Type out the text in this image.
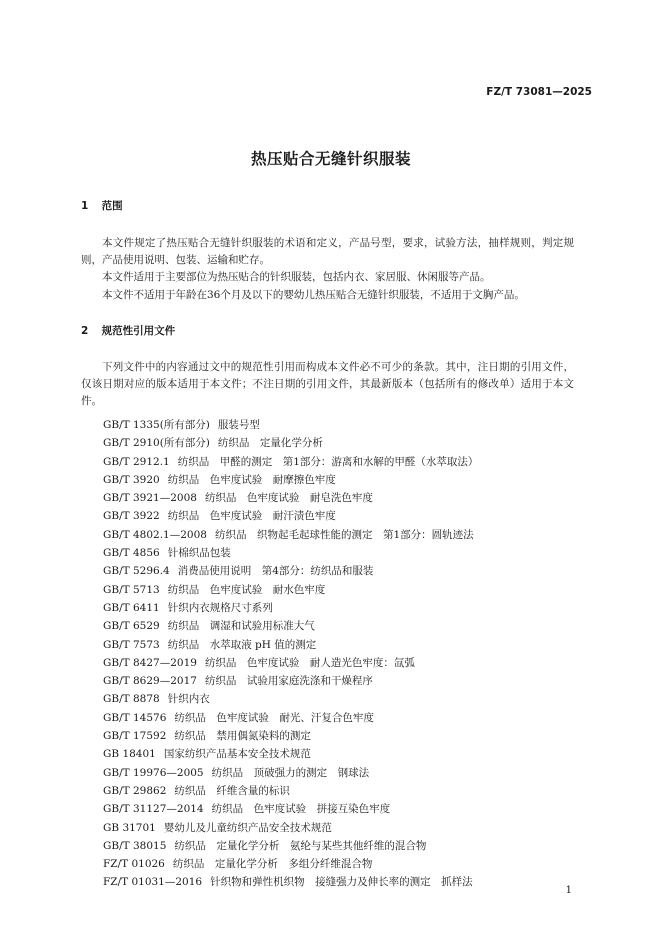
FZ/T 73081—2025
热压贴合无缝针织服装
1 范围

本文件规定了热压贴合无缝针织服装的术语和定义，产品号型，要求，试验方法，抽样规则，判定规则，产品使用说明、包装、运输和贮存。

本文件适用于主要部位为热压贴合的针织服装，包括内衣、家居服、休闲服等产品。

本文件不适用于年龄在36个月及以下的婴幼儿热压贴合无缝针织服装，不适用于文胸产品。

2 规范性引用文件

下列文件中的内容通过文中的规范性引用而构成本文件必不可少的条款。其中，注日期的引用文件，仅该日期对应的版本适用于本文件；不注日期的引用文件，其最新版本（包括所有的修改单）适用于本文件。

GB/T 1335(所有部分) 服装号型
GB/T 2910(所有部分) 纺织品　定量化学分析
GB/T 2912.1 纺织品　甲醛的测定　第1部分：游离和水解的甲醛（水萃取法）
GB/T 3920 纺织品　色牢度试验　耐摩擦色牢度
GB/T 3921—2008 纺织品　色牢度试验　耐皂洗色牢度
GB/T 3922 纺织品　色牢度试验　耐汗渍色牢度
GB/T 4802.1—2008 纺织品　织物起毛起球性能的测定　第1部分：圆轨迹法
GB/T 4856 针棉织品包装
GB/T 5296.4 消费品使用说明　第4部分：纺织品和服装
GB/T 5713 纺织品　色牢度试验　耐水色牢度
GB/T 6411 针织内衣规格尺寸系列
GB/T 6529 纺织品　调湿和试验用标准大气
GB/T 7573 纺织品　水萃取液 pH 值的测定
GB/T 8427—2019 纺织品　色牢度试验　耐人造光色牢度：氙弧
GB/T 8629—2017 纺织品　试验用家庭洗涤和干燥程序
GB/T 8878 针织内衣
GB/T 14576 纺织品　色牢度试验　耐光、汗复合色牢度
GB/T 17592 纺织品　禁用偶氮染料的测定
GB 18401 国家纺织产品基本安全技术规范
GB/T 19976—2005 纺织品　顶破强力的测定　钢球法
GB/T 29862 纺织品　纤维含量的标识
GB/T 31127—2014 纺织品　色牢度试验　拼接互染色牢度
GB 31701 婴幼儿及儿童纺织产品安全技术规范
GB/T 38015 纺织品　定量化学分析　氨纶与某些其他纤维的混合物
FZ/T 01026 纺织品　定量化学分析　多组分纤维混合物
FZ/T 01031—2016 针织物和弹性机织物　接缝强力及伸长率的测定　抓样法
1
